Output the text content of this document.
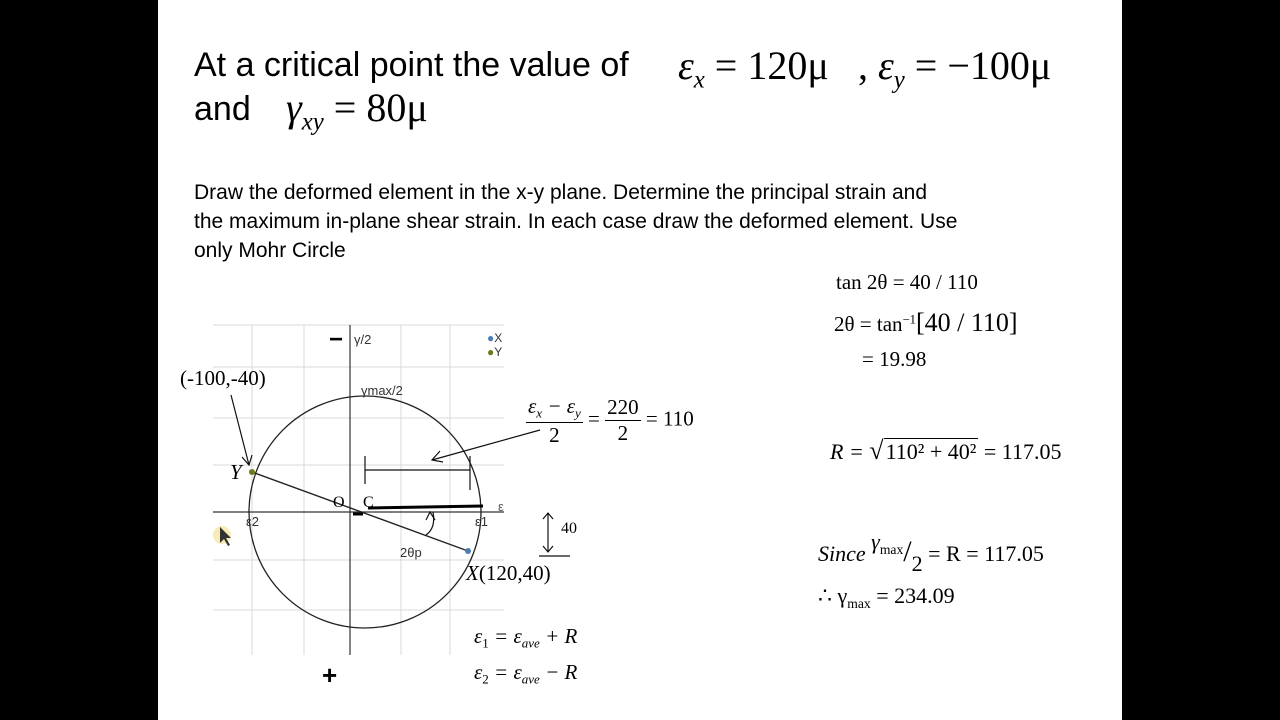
At a critical point the value of $\varepsilon_x = 120\mu$ , $\varepsilon_y = -100\mu$
and $\gamma_{xy} = 80\mu$
Draw the deformed element in the x-y plane. Determine the principal strain and
the maximum in-plane shear strain. In each case draw the deformed element. Use
only Mohr Circle
tan 2θ = 40 / 110
$2\theta = \tan^{-1}[40 / 110]$
= 19.98
R = √110² + 40² = 117.05
Since $\gamma_{max}/2 = R = 117.05$
∴ $\gamma_{max} = 234.09$
− γ/2	●X
●Y
γmax/2
(-100,-40)
Y
O C	ε
ε1
ε2
2θp
X(120,40)
40
+
$\frac{\varepsilon_x - \varepsilon_y}{2} = \frac{220}{2} = 110$
$\varepsilon_1 = \varepsilon_{ave} + R$
$\varepsilon_2 = \varepsilon_{ave} - R$
